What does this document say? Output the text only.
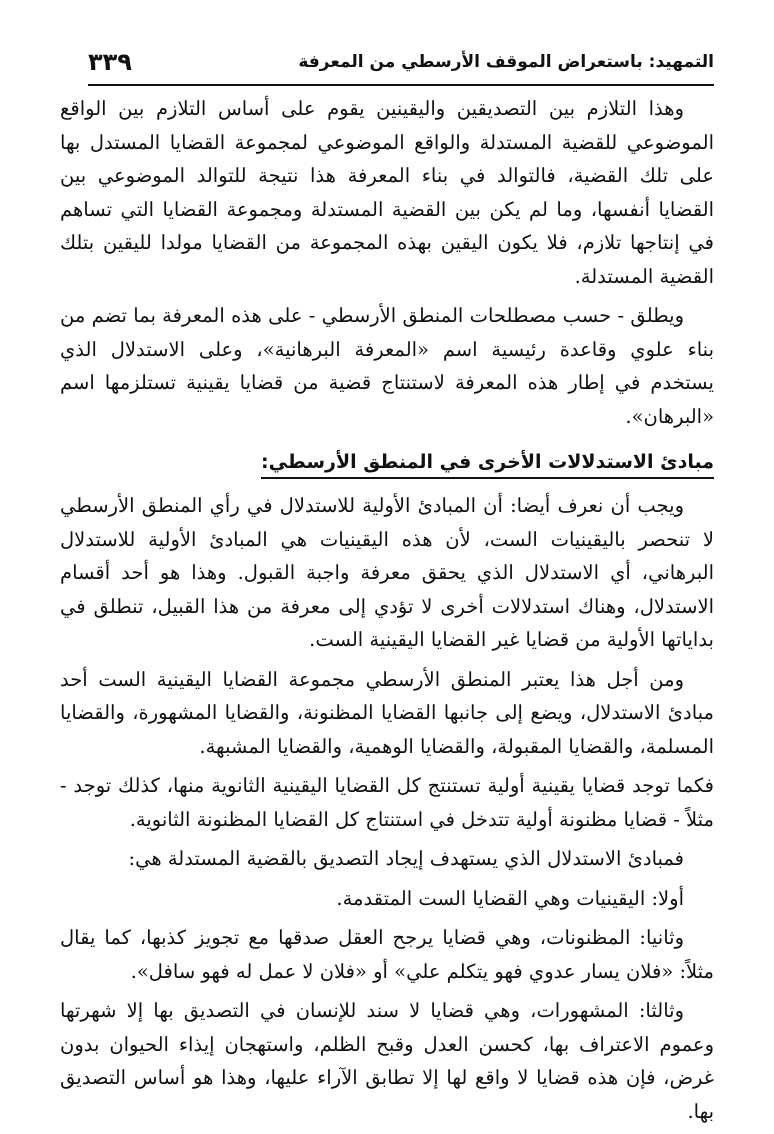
التمهيد: باستعراض الموقف الأرسطي من المعرفة
٣٣٩

وهذا التلازم بين التصديقين واليقينين يقوم على أساس التلازم بين الواقع الموضوعي للقضية المستدلة والواقع الموضوعي لمجموعة القضايا المستدل بها على تلك القضية، فالتوالد في بناء المعرفة هذا نتيجة للتوالد الموضوعي بين القضايا أنفسها، وما لم يكن بين القضية المستدلة ومجموعة القضايا التي تساهم في إنتاجها تلازم، فلا يكون اليقين بهذه المجموعة من القضايا مولدا لليقين بتلك القضية المستدلة.

ويطلق - حسب مصطلحات المنطق الأرسطي - على هذه المعرفة بما تضم من بناء علوي وقاعدة رئيسية اسم «المعرفة البرهانية»، وعلى الاستدلال الذي يستخدم في إطار هذه المعرفة لاستنتاج قضية من قضايا يقينية تستلزمها اسم «البرهان».

مبادئ الاستدلالات الأخرى في المنطق الأرسطي:

ويجب أن نعرف أيضا: أن المبادئ الأولية للاستدلال في رأي المنطق الأرسطي لا تنحصر باليقينيات الست، لأن هذه اليقينيات هي المبادئ الأولية للاستدلال البرهاني، أي الاستدلال الذي يحقق معرفة واجبة القبول. وهذا هو أحد أقسام الاستدلال، وهناك استدلالات أخرى لا تؤدي إلى معرفة من هذا القبيل، تنطلق في بداياتها الأولية من قضايا غير القضايا اليقينية الست.

ومن أجل هذا يعتبر المنطق الأرسطي مجموعة القضايا اليقينية الست أحد مبادئ الاستدلال، ويضع إلى جانبها القضايا المظنونة، والقضايا المشهورة، والقضايا المسلمة، والقضايا المقبولة، والقضايا الوهمية، والقضايا المشبهة.

فكما توجد قضايا يقينية أولية تستنتج كل القضايا اليقينية الثانوية منها، كذلك توجد - مثلاً - قضايا مظنونة أولية تتدخل في استنتاج كل القضايا المظنونة الثانوية.

فمبادئ الاستدلال الذي يستهدف إيجاد التصديق بالقضية المستدلة هي:

أولا: اليقينيات وهي القضايا الست المتقدمة.

وثانيا: المظنونات، وهي قضايا يرجح العقل صدقها مع تجويز كذبها، كما يقال مثلاً: «فلان يسار عدوي فهو يتكلم علي» أو «فلان لا عمل له فهو سافل».

وثالثا: المشهورات، وهي قضايا لا سند للإنسان في التصديق بها إلا شهرتها وعموم الاعتراف بها، كحسن العدل وقبح الظلم، واستهجان إيذاء الحيوان بدون غرض، فإن هذه قضايا لا واقع لها إلا تطابق الآراء عليها، وهذا هو أساس التصديق بها.
